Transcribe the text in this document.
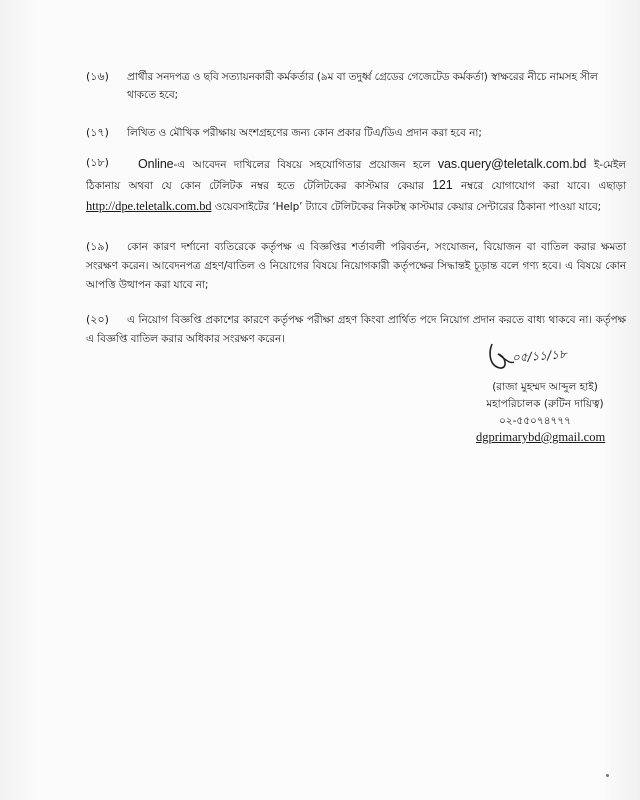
(১৬) প্রার্থীর সনদপত্র ও ছবি সত্যায়নকারী কর্মকর্তার (৯ম বা তদুর্ধ্ব গ্রেডের গেজেটেড কর্মকর্তা) স্বাক্ষরের নীচে নামসহ সীল থাকতে হবে;
(১৭) লিখিত ও মৌখিক পরীক্ষায় অংশগ্রহণের জন্য কোন প্রকার টিএ/ডিএ প্রদান করা হবে না;
(১৮)	Online-এ আবেদন দাখিলের বিষয়ে সহযোগিতার প্রয়োজন হলে vas.query@teletalk.com.bd ই-মেইল ঠিকানায় অথবা যে কোন টেলিটক নম্বর হতে টেলিটকের কাস্টমার কেয়ার 121 নম্বরে যোগাযোগ করা যাবে। এছাড়া http://dpe.teletalk.com.bd ওয়েবসাইটের ‘Help’ ট্যাবে টেলিটকের নিকটস্থ কাস্টমার কেয়ার সেন্টারের ঠিকানা পাওয়া যাবে;
(১৯)	কোন কারণ দর্শানো ব্যতিরেকে কর্তৃপক্ষ এ বিজ্ঞপ্তির শর্তাবলী পরিবর্তন, সংযোজন, বিয়োজন বা বাতিল করার ক্ষমতা সংরক্ষণ করেন। আবেদনপত্র গ্রহণ/বাতিল ও নিয়োগের বিষয়ে নিয়োগকারী কর্তৃপক্ষের সিদ্ধান্তই চূড়ান্ত বলে গণ্য হবে। এ বিষয়ে কোন আপত্তি উত্থাপন করা যাবে না;
(২০)	এ নিয়োগ বিজ্ঞপ্তি প্রকাশের কারণে কর্তৃপক্ষ পরীক্ষা গ্রহণ কিংবা প্রার্থিত পদে নিয়োগ প্রদান করতে বাধ্য থাকবে না। কর্তৃপক্ষ এ বিজ্ঞপ্তি বাতিল করার অধিকার সংরক্ষণ করেন।
০৫/১১/১৮
(রাজা মুহম্মদ আব্দুল হাই)
মহাপরিচালক (রুটিন দায়িত্ব)
০২-৫৫০৭৪৭৭৭
dgprimarybd@gmail.com
